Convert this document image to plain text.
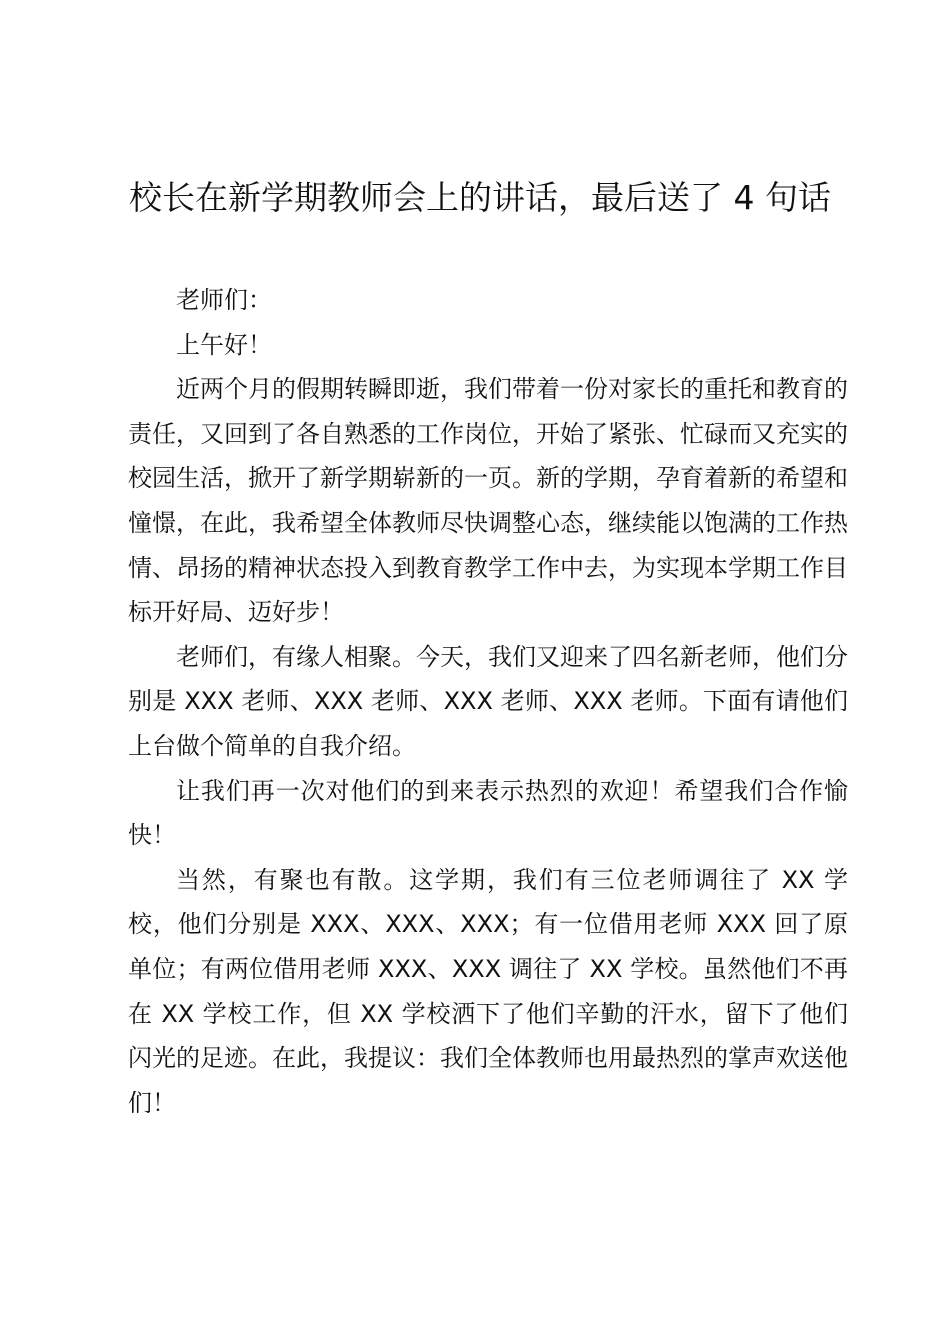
校长在新学期教师会上的讲话，最后送了 4 句话

老师们：

上午好！

近两个月的假期转瞬即逝，我们带着一份对家长的重托和教育的责任，又回到了各自熟悉的工作岗位，开始了紧张、忙碌而又充实的校园生活，掀开了新学期崭新的一页。新的学期，孕育着新的希望和憧憬，在此，我希望全体教师尽快调整心态，继续能以饱满的工作热情、昂扬的精神状态投入到教育教学工作中去，为实现本学期工作目标开好局、迈好步！

老师们，有缘人相聚。今天，我们又迎来了四名新老师，他们分别是 XXX 老师、XXX 老师、XXX 老师、XXX 老师。下面有请他们上台做个简单的自我介绍。

让我们再一次对他们的到来表示热烈的欢迎！希望我们合作愉快！

当然，有聚也有散。这学期，我们有三位老师调往了 XX 学校，他们分别是 XXX、XXX、XXX；有一位借用老师 XXX 回了原单位；有两位借用老师 XXX、XXX 调往了 XX 学校。虽然他们不再在 XX 学校工作，但 XX 学校洒下了他们辛勤的汗水，留下了他们闪光的足迹。在此，我提议：我们全体教师也用最热烈的掌声欢送他们！
